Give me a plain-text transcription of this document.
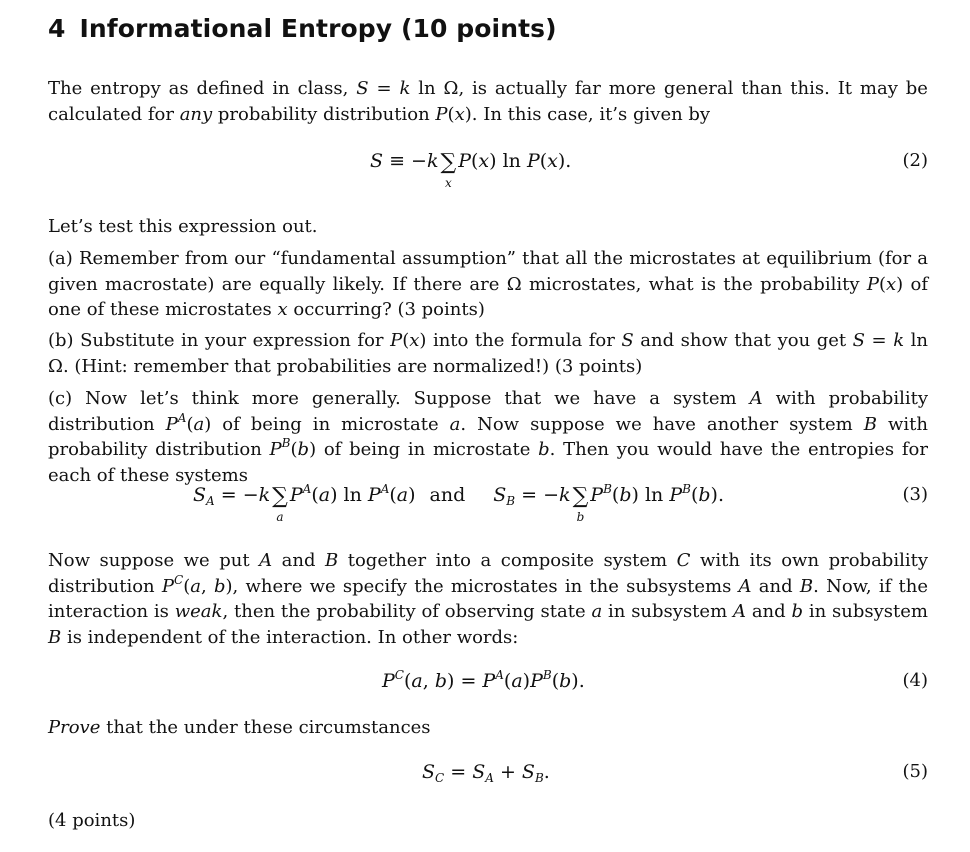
4 Informational Entropy (10 points)
The entropy as defined in class, S = k ln Ω, is actually far more general than this. It may be calculated for any probability distribution P(x). In this case, it’s given by
S ≡ −k∑
x
P(x) ln P(x).	(2)
Let’s test this expression out.
(a) Remember from our “fundamental assumption” that all the microstates at equilibrium (for a given macrostate) are equally likely. If there are Ω microstates, what is the probability P(x) of one of these microstates x occurring? (3 points)
(b) Substitute in your expression for P(x) into the formula for S and show that you get S = k ln Ω. (Hint: remember that probabilities are normalized!) (3 points)
(c) Now let’s think more generally. Suppose that we have a system A with probability distribution $P^A(a)$ of being in microstate a. Now suppose we have another system B with probability distribution $P^B(b)$ of being in microstate b. Then you would have the entropies for each of these systems
$S_A = -k\sum$
a
$P^A(a)$ $\ln P^A(a)$ and $S_B = -k\sum$
b
$P^B(b)$ $\ln P^B(b)$.	(3)
Now suppose we put A and B together into a composite system C with its own probability distribution $P^C(a$, b), where we specify the microstates in the subsystems A and B. Now, if the interaction is weak, then the probability of observing state a in subsystem A and b in subsystem B is independent of the interaction. In other words:
$P^C(a$, $b) = P^A(a)P^B(b)$.	(4)
Prove that the under these circumstances
$S_C = S_A + S_B$.	(5)
(4 points)
